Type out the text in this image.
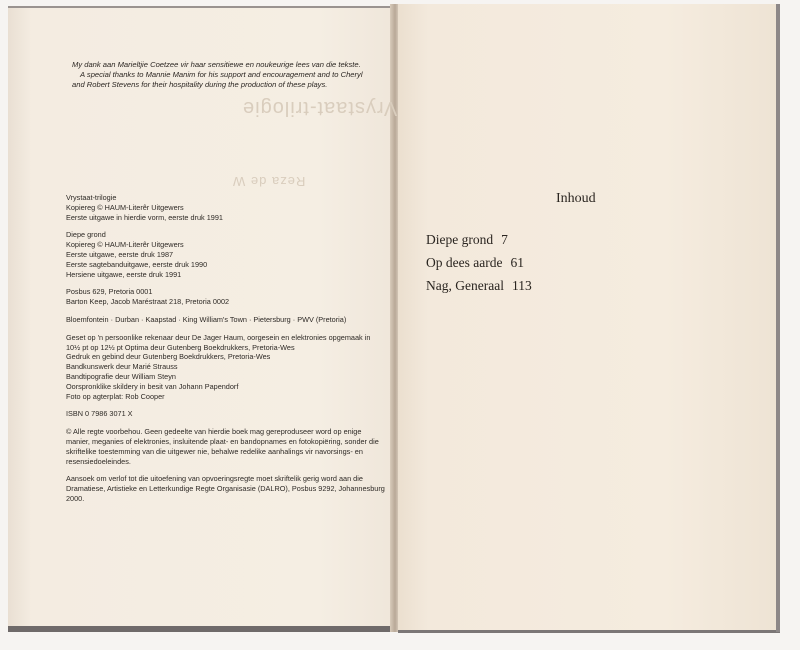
Vrystaat-trilogie
Reza de W

My dank aan Marieltjie Coetzee vir haar sensitiewe en noukeurige lees van die tekste.

A special thanks to Mannie Manim for his support and encouragement and to Cheryl and Robert Stevens for their hospitality during the production of these plays.

Vrystaat-trilogie
Kopiereg © HAUM-Literêr Uitgewers
Eerste uitgawe in hierdie vorm, eerste druk 1991
Diepe grond
Kopiereg © HAUM-Literêr Uitgewers
Eerste uitgawe, eerste druk 1987
Eerste sagtebanduitgawe, eerste druk 1990
Hersiene uitgawe, eerste druk 1991
Posbus 629, Pretoria 0001
Barton Keep, Jacob Maréstraat 218, Pretoria 0002
Bloemfontein · Durban · Kaapstad · King William's Town · Pietersburg · PWV (Pretoria)
Geset op 'n persoonlike rekenaar deur De Jager Haum, oorgesein en elektronies opgemaak in 10½ pt op 12½ pt Optima deur Gutenberg Boekdrukkers, Pretoria-Wes
Gedruk en gebind deur Gutenberg Boekdrukkers, Pretoria-Wes
Bandkunswerk deur Marié Strauss
Bandtipografie deur William Steyn
Oorspronklike skildery in besit van Johann Papendorf
Foto op agterplat: Rob Cooper
ISBN 0 7986 3071 X
© Alle regte voorbehou. Geen gedeelte van hierdie boek mag gereproduseer word op enige manier, meganies of elektronies, insluitende plaat- en bandopnames en fotokopiëring, sonder die skriftelike toestemming van die uitgewer nie, behalwe redelike aanhalings vir navorsings- en resensiedoeleindes.
Aansoek om verlof tot die uitoefening van opvoeringsregte moet skriftelik gerig word aan die Dramatiese, Artistieke en Letterkundige Regte Organisasie (DALRO), Posbus 9292, Johannesburg 2000.
Inhoud
Diepe grond 7
Op dees aarde 61
Nag, Generaal 113
